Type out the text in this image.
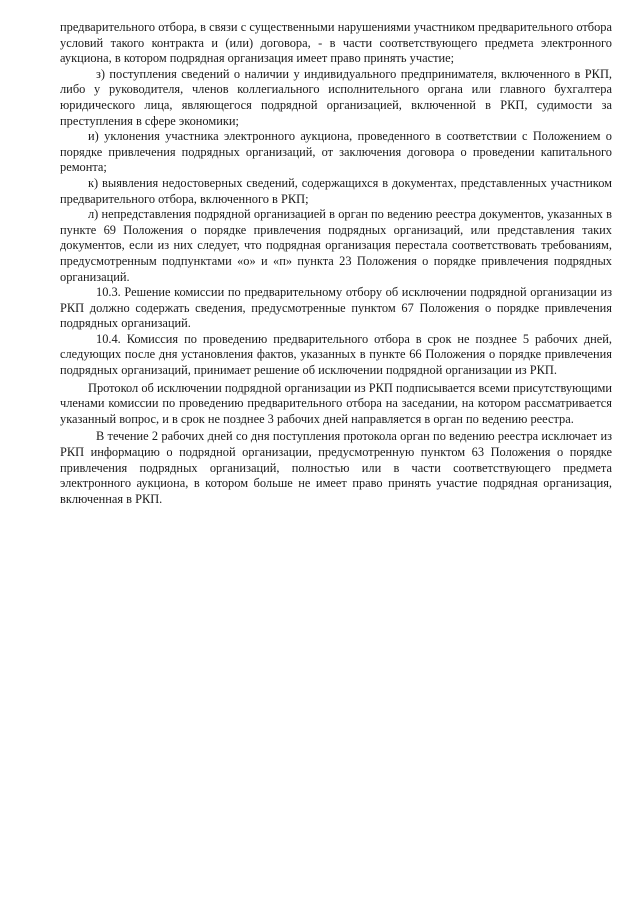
предварительного отбора, в связи с существенными нарушениями участником предварительного отбора условий такого контракта и (или) договора, - в части соответствующего предмета электронного аукциона, в котором подрядная организация имеет право принять участие;

з) поступления сведений о наличии у индивидуального предпринимателя, включенного в РКП, либо у руководителя, членов коллегиального исполнительного органа или главного бухгалтера юридического лица, являющегося подрядной организацией, включенной в РКП, судимости за преступления в сфере экономики;

и) уклонения участника электронного аукциона, проведенного в соответствии с Положением о порядке привлечения подрядных организаций, от заключения договора о проведении капитального ремонта;

к) выявления недостоверных сведений, содержащихся в документах, представленных участником предварительного отбора, включенного в РКП;

л) непредставления подрядной организацией в орган по ведению реестра документов, указанных в пункте 69 Положения о порядке привлечения подрядных организаций, или представления таких документов, если из них следует, что подрядная организация перестала соответствовать требованиям, предусмотренным подпунктами «о» и «п» пункта 23 Положения о порядке привлечения подрядных организаций.

10.3. Решение комиссии по предварительному отбору об исключении подрядной организации из РКП должно содержать сведения, предусмотренные пунктом 67 Положения о порядке привлечения подрядных организаций.

10.4. Комиссия по проведению предварительного отбора в срок не позднее 5 рабочих дней, следующих после дня установления фактов, указанных в пункте 66 Положения о порядке привлечения подрядных организаций, принимает решение об исключении подрядной организации из РКП.

Протокол об исключении подрядной организации из РКП подписывается всеми присутствующими членами комиссии по проведению предварительного отбора на заседании, на котором рассматривается указанный вопрос, и в срок не позднее 3 рабочих дней направляется в орган по ведению реестра.

В течение 2 рабочих дней со дня поступления протокола орган по ведению реестра исключает из РКП информацию о подрядной организации, предусмотренную пунктом 63 Положения о порядке привлечения подрядных организаций, полностью или в части соответствующего предмета электронного аукциона, в котором больше не имеет право принять участие подрядная организация, включенная в РКП.
